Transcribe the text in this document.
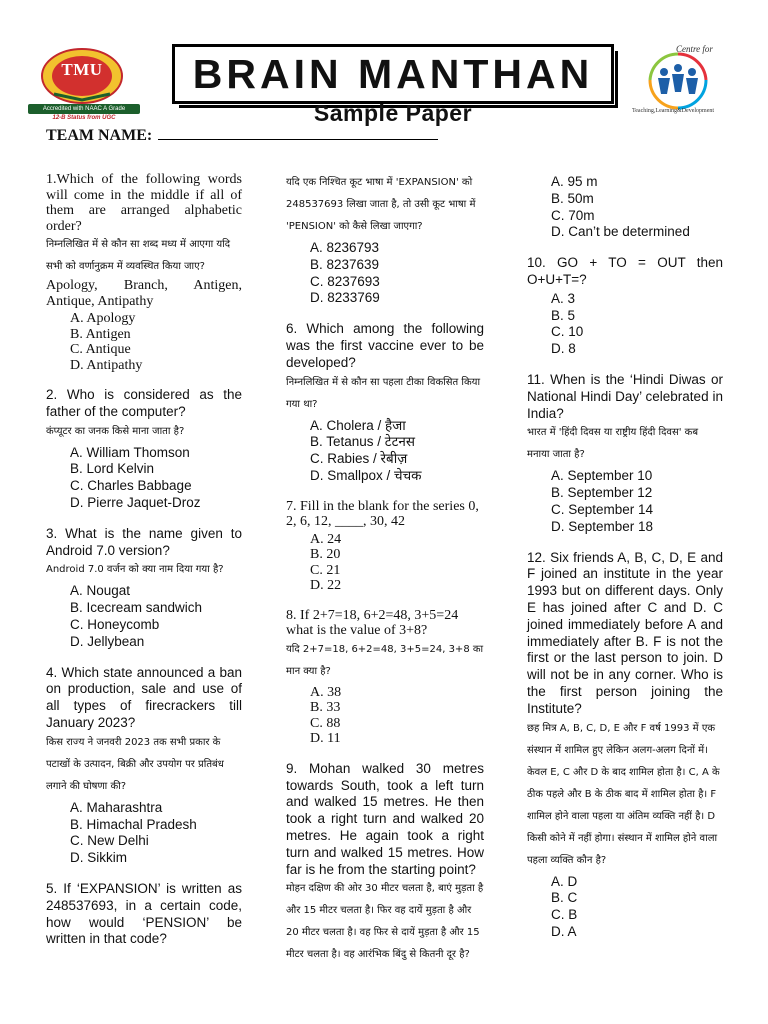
TMU
Accredited with NAAC A Grade
12-B Status from UGC
BRAIN MANTHAN
Sample Paper
Centre for
Teaching,Learning&Development
TEAM NAME:
1.Which of the following words will come in the middle if all of them are arranged alphabetic order?
निम्नलिखित में से कौन सा शब्द मध्य में आएगा यदि सभी को वर्णानुक्रम में व्यवस्थित किया जाए?
Apology, Branch, Antigen, Antique, Antipathy
A. Apology
B. Antigen
C. Antique
D. Antipathy
2. Who is considered as the father of the computer?
कंप्यूटर का जनक किसे माना जाता है?
A. William Thomson
B. Lord Kelvin
C. Charles Babbage
D. Pierre Jaquet-Droz
3. What is the name given to Android 7.0 version?
Android 7.0 वर्जन को क्या नाम दिया गया है?
A. Nougat
B. Icecream sandwich
C. Honeycomb
D. Jellybean
4. Which state announced a ban on production, sale and use of all types of firecrackers till January 2023?
किस राज्य ने जनवरी 2023 तक सभी प्रकार के पटाखों के उत्पादन, बिक्री और उपयोग पर प्रतिबंध लगाने की घोषणा की?
A. Maharashtra
B. Himachal Pradesh
C. New Delhi
D. Sikkim
5. If ‘EXPANSION’ is written as 248537693, in a certain code, how would ‘PENSION’ be written in that code?
यदि एक निश्चित कूट भाषा में 'EXPANSION' को 248537693 लिखा जाता है, तो उसी कूट भाषा में 'PENSION' को कैसे लिखा जाएगा?
A. 8236793
B. 8237639
C. 8237693
D. 8233769
6. Which among the following was the first vaccine ever to be developed?
निम्नलिखित में से कौन सा पहला टीका विकसित किया गया था?
A. Cholera / हैजा
B. Tetanus / टेटनस
C. Rabies / रेबीज़
D. Smallpox / चेचक
7. Fill in the blank for the series 0, 2, 6, 12, ____, 30, 42
A. 24
B. 20
C. 21
D. 22
8. If 2+7=18, 6+2=48, 3+5=24 what is the value of 3+8?
यदि 2+7=18, 6+2=48, 3+5=24, 3+8 का मान क्या है?
A. 38
B. 33
C. 88
D. 11
9. Mohan walked 30 metres towards South, took a left turn and walked 15 metres. He then took a right turn and walked 20 metres. He again took a right turn and walked 15 metres. How far is he from the starting point?
मोहन दक्षिण की ओर 30 मीटर चलता है, बाएं मुड़ता है और 15 मीटर चलता है। फिर वह दायें मुड़ता है और 20 मीटर चलता है। वह फिर से दायें मुड़ता है और 15 मीटर चलता है। वह आरंभिक बिंदु से कितनी दूर है?
A. 95 m
B. 50m
C. 70m
D. Can’t be determined
10. GO + TO = OUT then O+U+T=?
A. 3
B. 5
C. 10
D. 8
11. When is the ‘Hindi Diwas or National Hindi Day’ celebrated in India?
भारत में 'हिंदी दिवस या राष्ट्रीय हिंदी दिवस' कब मनाया जाता है?
A. September 10
B. September 12
C. September 14
D. September 18
12. Six friends A, B, C, D, E and F joined an institute in the year 1993 but on different days. Only E has joined after C and D. C joined immediately before A and immediately after B. F is not the first or the last person to join. D will not be in any corner. Who is the first person joining the Institute?
छह मित्र A, B, C, D, E और F वर्ष 1993 में एक संस्थान में शामिल हुए लेकिन अलग-अलग दिनों में। केवल E, C और D के बाद शामिल होता है। C, A के ठीक पहले और B के ठीक बाद में शामिल होता है। F शामिल होने वाला पहला या अंतिम व्यक्ति नहीं है। D किसी कोने में नहीं होगा। संस्थान में शामिल होने वाला पहला व्यक्ति कौन है?
A. D
B. C
C. B
D. A
